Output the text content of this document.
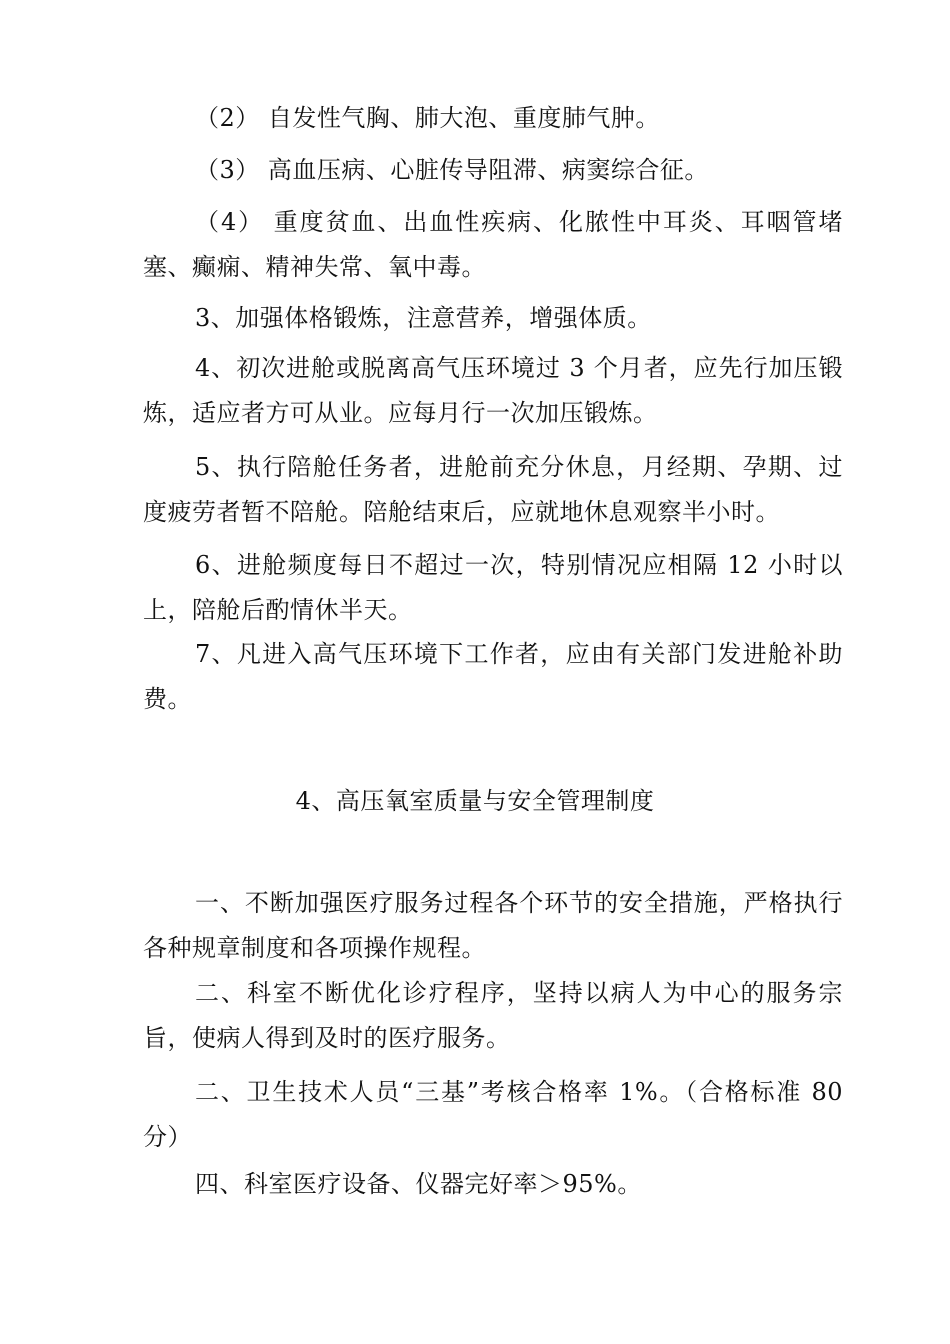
（2） 自发性气胸、肺大泡、重度肺气肿。

（3） 高血压病、心脏传导阻滞、病窦综合征。

（4） 重度贫血、出血性疾病、化脓性中耳炎、耳咽管堵塞、癫痫、精神失常、氧中毒。

3、加强体格锻炼，注意营养，增强体质。

4、初次进舱或脱离高气压环境过 3 个月者，应先行加压锻炼，适应者方可从业。应每月行一次加压锻炼。

5、执行陪舱任务者，进舱前充分休息，月经期、孕期、过度疲劳者暂不陪舱。陪舱结束后，应就地休息观察半小时。

6、进舱频度每日不超过一次，特别情况应相隔 12 小时以上，陪舱后酌情休半天。

7、凡进入高气压环境下工作者，应由有关部门发进舱补助费。

4、高压氧室质量与安全管理制度

一、不断加强医疗服务过程各个环节的安全措施，严格执行各种规章制度和各项操作规程。

二、科室不断优化诊疗程序，坚持以病人为中心的服务宗旨，使病人得到及时的医疗服务。

二、卫生技术人员“三基”考核合格率 1%。（合格标准 80 分）

四、科室医疗设备、仪器完好率＞95%。
